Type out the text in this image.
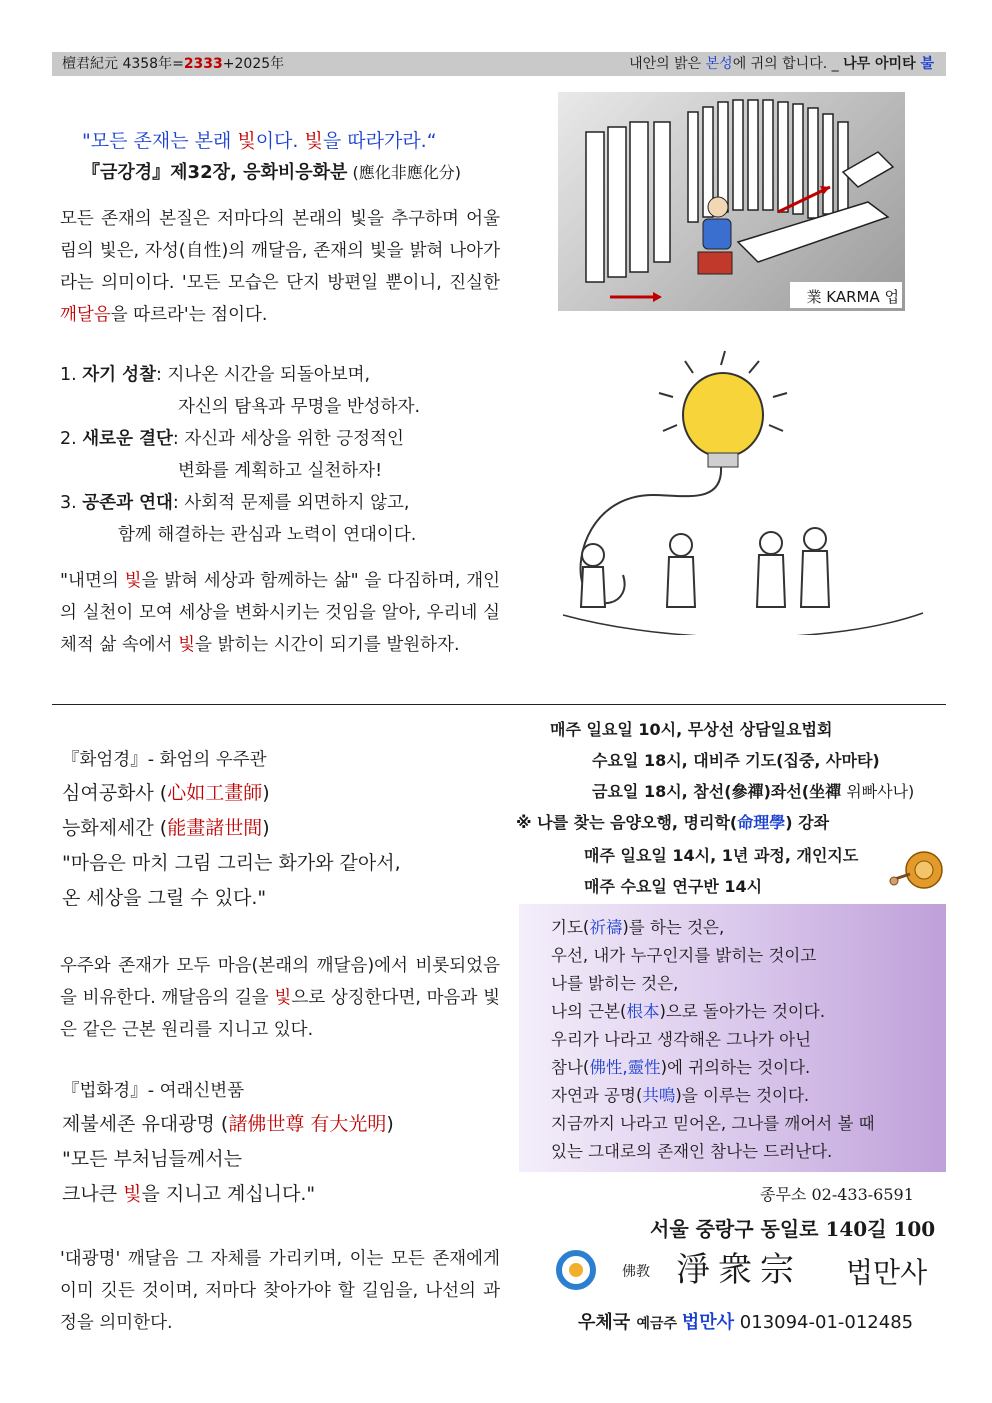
檀君紀元 4358年=2333+2025年	내안의 밝은 본성에 귀의 합니다. _ 나무 아미타 불
"모든 존재는 본래 빛이다. 빛을 따라가라.“
『금강경』제32장, 응화비응화분 (應化非應化分)
모든 존재의 본질은 저마다의 본래의 빛을 추구하며 어울림의 빛은, 자성(自性)의 깨달음, 존재의 빛을 밝혀 나아가라는 의미이다. '모든 모습은 단지 방편일 뿐이니, 진실한 깨달음을 따르라'는 점이다.
1. 자기 성찰: 지나온 시간을 되돌아보며,
자신의 탐욕과 무명을 반성하자.
2. 새로운 결단: 자신과 세상을 위한 긍정적인
변화를 계획하고 실천하자!
3. 공존과 연대: 사회적 문제를 외면하지 않고,
함께 해결하는 관심과 노력이 연대이다.
"내면의 빛을 밝혀 세상과 함께하는 삶" 을 다짐하며, 개인의 실천이 모여 세상을 변화시키는 것임을 알아, 우리네 실체적 삶 속에서 빛을 밝히는 시간이 되기를 발원하자.
業 KARMA 업
『화엄경』- 화엄의 우주관
심여공화사 (心如工畫師)
능화제세간 (能畫諸世間)
"마음은 마치 그림 그리는 화가와 같아서,
온 세상을 그릴 수 있다."
우주와 존재가 모두 마음(본래의 깨달음)에서 비롯되었음을 비유한다. 깨달음의 길을 빛으로 상징한다면, 마음과 빛은 같은 근본 원리를 지니고 있다.
『법화경』- 여래신변품
제불세존 유대광명 (諸佛世尊 有大光明)
"모든 부처님들께서는
크나큰 빛을 지니고 계십니다."
'대광명' 깨달음 그 자체를 가리키며, 이는 모든 존재에게 이미 깃든 것이며, 저마다 찾아가야 할 길임을, 나선의 과정을 의미한다.
매주 일요일 10시, 무상선 상담일요법회
수요일 18시, 대비주 기도(집중, 사마타)
금요일 18시, 참선(參禪)좌선(坐禪 위빠사나)
※ 나를 찾는 음양오행, 명리학(命理學) 강좌
매주 일요일 14시, 1년 과정, 개인지도
매주 수요일 연구반 14시
기도(祈禱)를 하는 것은,
우선, 내가 누구인지를 밝히는 것이고
나를 밝히는 것은,
나의 근본(根本)으로 돌아가는 것이다.
우리가 나라고 생각해온 그나가 아닌
참나(佛性,靈性)에 귀의하는 것이다.
자연과 공명(共鳴)을 이루는 것이다.
지금까지 나라고 믿어온, 그나를 깨어서 볼 때
있는 그대로의 존재인 참나는 드러난다.
종무소 02-433-6591
서울 중랑구 동일로 140길 100
佛教 淨衆宗 법만사
우체국 예금주 법만사 013094-01-012485
